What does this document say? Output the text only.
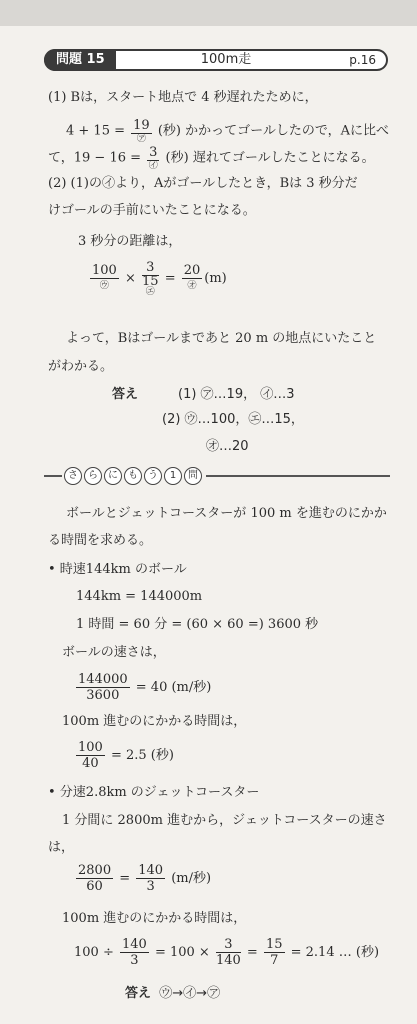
問題 15	100m走	p.16
(1) Bは，スタート地点で 4 秒遅れたために，
$4 + 15 = \frac{19}{㋐}$ (秒) かかってゴールしたので，Aに比べ
て，$19 - 16 = \frac{3}{㋑}$ (秒) 遅れてゴールしたことになる。
(2) (1)の㋑より，Aがゴールしたとき，Bは 3 秒分だ
けゴールの手前にいたことになる。
3 秒分の距離は，
$\frac{100}{㋒}$ ×
3
15
㋓
= $\frac{20}{㋔} (m)$
よって，Bはゴールまであと 20 m の地点にいたこと
がわかる。
答え	(1) ㋐…19， ㋑…3
(2) ㋒…100，㋓…15，
㋔…20
さ	ら	に	も	う	1	問
ボールとジェットコースターが 100 m を進むのにかか
る時間を求める。
• 時速144km のボール
144km = 144000m
1 時間 = 60 分 = (60 × 60 =) 3600 秒
ボールの速さは，
$\frac{144000}{3600} = 40$ (m/秒)
100m 進むのにかかる時間は，
$\frac{100}{40} = 2.5$ (秒)
• 分速2.8km のジェットコースター
1 分間に 2800m 進むから，ジェットコースターの速さ
は，
$\frac{2800}{60} = \frac{140}{3} (m/$秒)
100m 進むのにかかる時間は，
$100 \div \frac{140}{3} = 100 \times \frac{3}{140} = \frac{15}{7} = 2.14$ … (秒)
答え ㋒→㋑→㋐
